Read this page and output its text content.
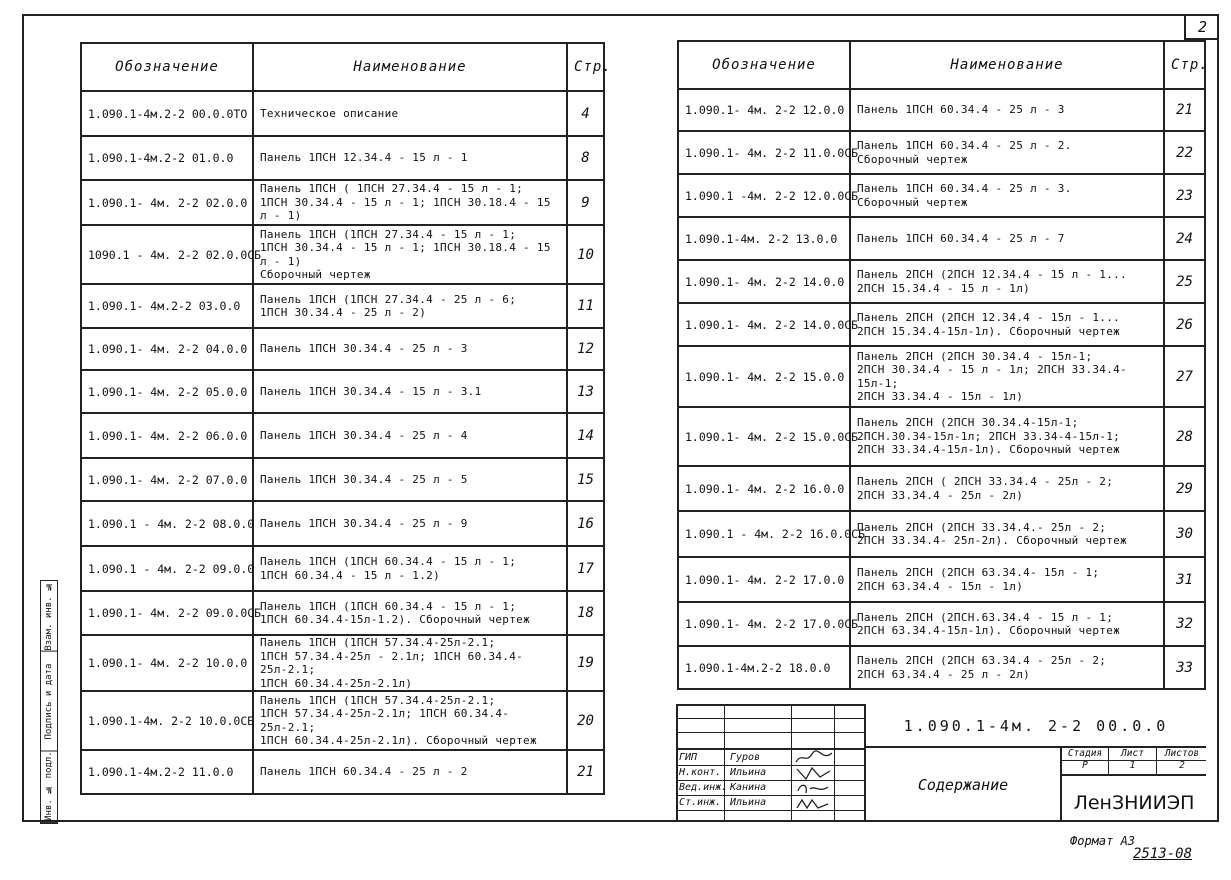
2
Обозначение	Наименование	Стр.
1.090.1-4м.2-2 00.0.0ТО	Техническое описание	4
1.090.1-4м.2-2 01.0.0	Панель 1ПСН 12.34.4 - 15 л - 1	8
1.090.1- 4м. 2-2 02.0.0	Панель 1ПСН ( 1ПСН 27.34.4 - 15 л - 1;
1ПСН 30.34.4 - 15 л - 1; 1ПСН 30.18.4 - 15 л - 1)	9
1090.1 - 4м. 2-2 02.0.0СБ	Панель 1ПСН (1ПСН 27.34.4 - 15 л - 1;
1ПСН 30.34.4 - 15 л - 1; 1ПСН 30.18.4 - 15 л - 1)
Сборочный чертеж	10
1.090.1- 4м.2-2 03.0.0	Панель 1ПСН (1ПСН 27.34.4 - 25 л - 6;
1ПСН 30.34.4 - 25 л - 2)	11
1.090.1- 4м. 2-2 04.0.0	Панель 1ПСН 30.34.4 - 25 л - 3	12
1.090.1- 4м. 2-2 05.0.0	Панель 1ПСН 30.34.4 - 15 л - 3.1	13
1.090.1- 4м. 2-2 06.0.0	Панель 1ПСН 30.34.4 - 25 л - 4	14
1.090.1- 4м. 2-2 07.0.0	Панель 1ПСН 30.34.4 - 25 л - 5	15
1.090.1 - 4м. 2-2 08.0.0	Панель 1ПСН 30.34.4 - 25 л - 9	16
1.090.1 - 4м. 2-2 09.0.0	Панель 1ПСН (1ПСН 60.34.4 - 15 л - 1;
1ПСН 60.34.4 - 15 л - 1.2)	17
1.090.1- 4м. 2-2 09.0.0СБ	Панель 1ПСН (1ПСН 60.34.4 - 15 л - 1;
1ПСН 60.34.4-15л-1.2). Сборочный чертеж	18
1.090.1- 4м. 2-2 10.0.0	Панель 1ПСН (1ПСН 57.34.4-25л-2.1;
1ПСН 57.34.4-25л - 2.1л; 1ПСН 60.34.4-25л-2.1;
1ПСН 60.34.4-25л-2.1л)	19
1.090.1-4м. 2-2 10.0.0СБ	Панель 1ПСН (1ПСН 57.34.4-25л-2.1;
1ПСН 57.34.4-25л-2.1л; 1ПСН 60.34.4-25л-2.1;
1ПСН 60.34.4-25л-2.1л). Сборочный чертеж	20
1.090.1-4м.2-2 11.0.0	Панель 1ПСН 60.34.4 - 25 л - 2	21
Обозначение	Наименование	Стр.
1.090.1- 4м. 2-2 12.0.0	Панель 1ПСН 60.34.4 - 25 л - 3	21
1.090.1- 4м. 2-2 11.0.0СБ	Панель 1ПСН 60.34.4 - 25 л - 2.
Сборочный чертеж	22
1.090.1 -4м. 2-2 12.0.0СБ	Панель 1ПСН 60.34.4 - 25 л - 3.
Сборочный чертеж	23
1.090.1-4м. 2-2 13.0.0	Панель 1ПСН 60.34.4 - 25 л - 7	24
1.090.1- 4м. 2-2 14.0.0	Панель 2ПСН (2ПСН 12.34.4 - 15 л - 1...
2ПСН 15.34.4 - 15 л - 1л)	25
1.090.1- 4м. 2-2 14.0.0СБ	Панель 2ПСН (2ПСН 12.34.4 - 15л - 1...
2ПСН 15.34.4-15л-1л). Сборочный чертеж	26
1.090.1- 4м. 2-2 15.0.0	Панель 2ПСН (2ПСН 30.34.4 - 15л-1;
2ПСН 30.34.4 - 15 л - 1л; 2ПСН 33.34.4-15л-1;
2ПСН 33.34.4 - 15л - 1л)	27
1.090.1- 4м. 2-2 15.0.0СБ	Панель 2ПСН (2ПСН 30.34.4-15л-1;
2ПСН.30.34-15л-1л; 2ПСН 33.34-4-15л-1;
2ПСН 33.34.4-15л-1л). Сборочный чертеж	28
1.090.1- 4м. 2-2 16.0.0	Панель 2ПСН ( 2ПСН 33.34.4 - 25л - 2;
2ПСН 33.34.4 - 25л - 2л)	29
1.090.1 - 4м. 2-2 16.0.0СБ	Панель 2ПСН (2ПСН 33.34.4.- 25л - 2;
2ПСН 33.34.4- 25л-2л). Сборочный чертеж	30
1.090.1- 4м. 2-2 17.0.0	Панель 2ПСН (2ПСН 63.34.4- 15л - 1;
2ПСН 63.34.4 - 15л - 1л)	31
1.090.1- 4м. 2-2 17.0.0СБ	Панель 2ПСН (2ПСН.63.34.4 - 15 л - 1;
2ПСН 63.34.4-15л-1л). Сборочный чертеж	32
1.090.1-4м.2-2 18.0.0	Панель 2ПСН (2ПСН 63.34.4 - 25л - 2;
2ПСН 63.34.4 - 25 л - 2л)	33
Инв. № подл.
Подпись и дата
Взам. инв. №
ГИП
Н.конт.
Вед.инж.
Ст.инж.
Гуров
Ильина
Канина
Ильина
1.090.1-4м. 2-2 00.0.0
Содержание
Стадия	Лист	Листов
Р	1	2
ЛенЗНИИЭП
Формат А3
2513-08
